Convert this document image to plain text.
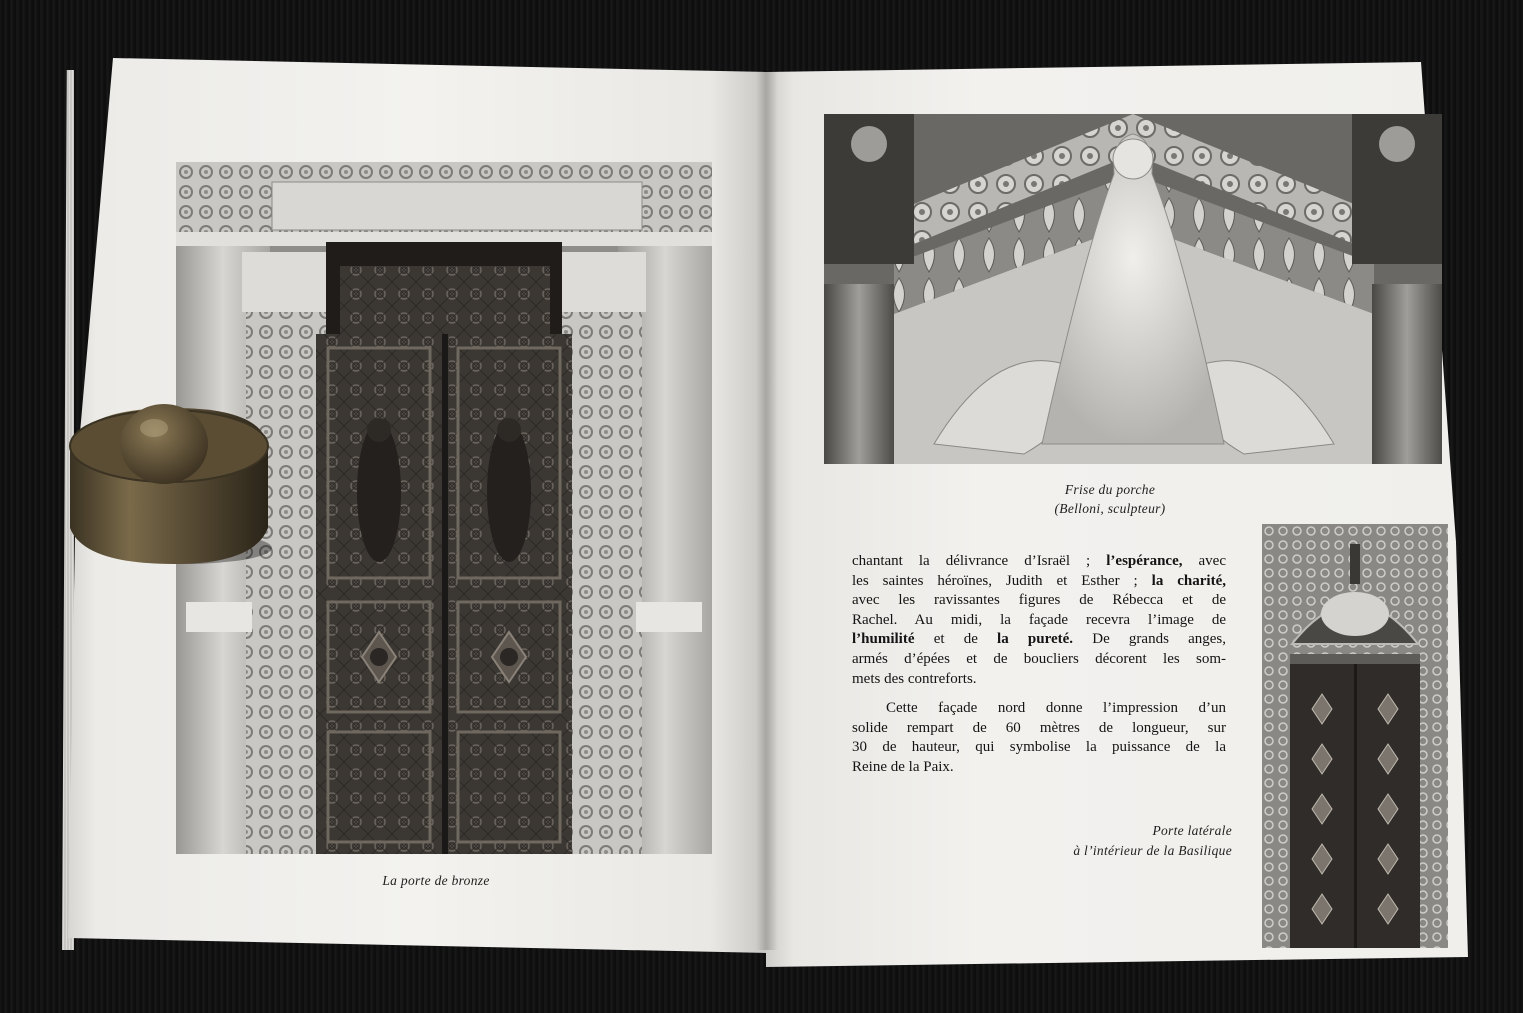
La porte de bronze
Frise du porche
(Belloni, sculpteur)
Porte latérale
à l’intérieur de la Basilique
chantant la délivrance d’Israël ; l’espérance, avec
les saintes héroïnes, Judith et Esther ; la charité,
avec les ravissantes figures de Rébecca et de
Rachel. Au midi, la façade recevra l’image de
l’humilité et de la pureté. De grands anges,
armés d’épées et de boucliers décorent les som-
mets des contreforts.
Cette façade nord donne l’impression d’un
solide rempart de 60 mètres de longueur, sur
30 de hauteur, qui symbolise la puissance de la
Reine de la Paix.
